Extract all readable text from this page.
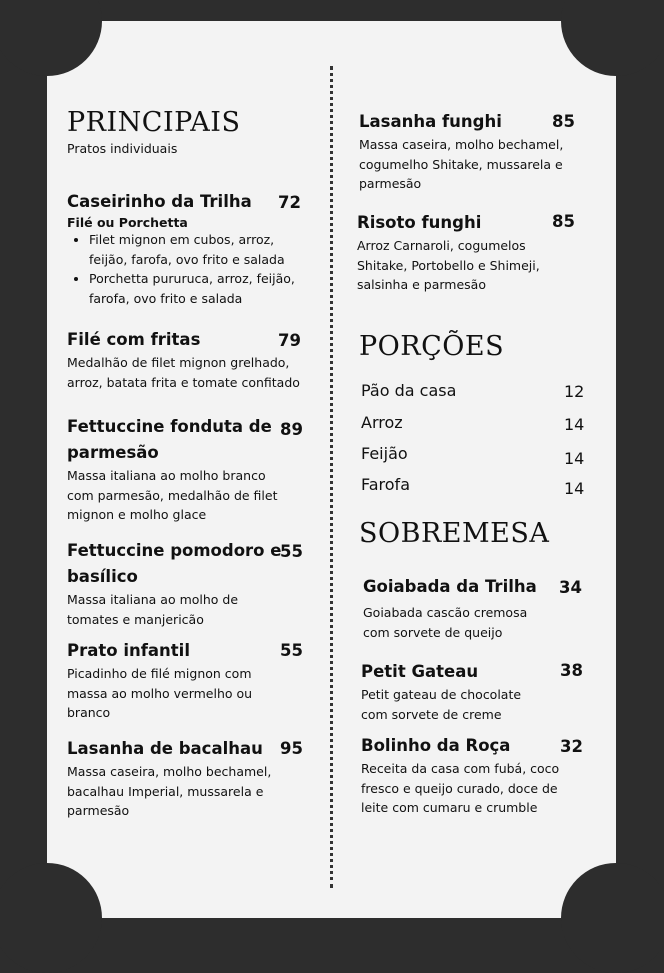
PRINCIPAIS
Pratos individuais
Caseirinho da Trilha
Filé ou Porchetta
• Filet mignon em cubos, arroz, feijão, farofa, ovo frito e salada
• Porchetta pururuca, arroz, feijão, farofa, ovo frito e salada
72
Filé com fritas
Medalhão de filet mignon grelhado, arroz, batata frita e tomate confitado
79
Fettuccine fonduta de parmesão
Massa italiana ao molho branco com parmesão, medalhão de filet mignon e molho glace
89
Fettuccine pomodoro e basílico
Massa italiana ao molho de tomates e manjericão
55
Prato infantil
Picadinho de filé mignon com massa ao molho vermelho ou branco
55
Lasanha de bacalhau
Massa caseira, molho bechamel, bacalhau Imperial, mussarela e parmesão
95
Lasanha funghi
Massa caseira, molho bechamel, cogumelho Shitake, mussarela e parmesão
85
Risoto funghi
Arroz Carnaroli, cogumelos Shitake, Portobello e Shimeji, salsinha e parmesão
85
PORÇÕES
Pão da casa	12
Arroz	14
Feijão	14
Farofa	14
SOBREMESA
Goiabada da Trilha
Goiabada cascão cremosa com sorvete de queijo
34
Petit Gateau
Petit gateau de chocolate com sorvete de creme
38
Bolinho da Roça
Receita da casa com fubá, coco fresco e queijo curado, doce de leite com cumaru e crumble
32
